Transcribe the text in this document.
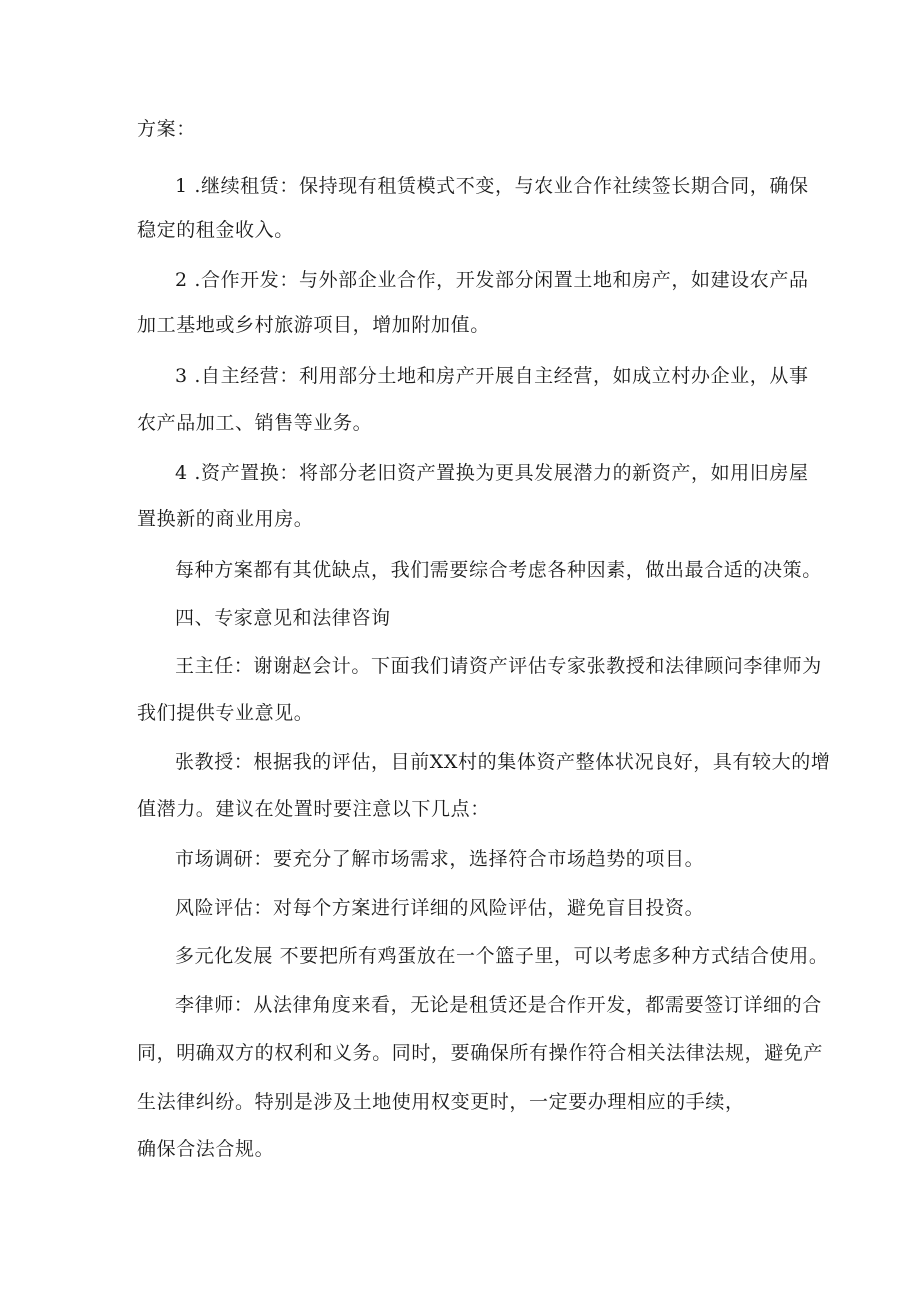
方案：
1 .继续租赁：保持现有租赁模式不变，与农业合作社续签长期合同，确保
稳定的租金收入。
2 .合作开发：与外部企业合作，开发部分闲置土地和房产，如建设农产品
加工基地或乡村旅游项目，增加附加值。
3 .自主经营：利用部分土地和房产开展自主经营，如成立村办企业，从事
农产品加工、销售等业务。
4 .资产置换：将部分老旧资产置换为更具发展潜力的新资产，如用旧房屋
置换新的商业用房。
每种方案都有其优缺点，我们需要综合考虑各种因素，做出最合适的决策。
四、专家意见和法律咨询
王主任：谢谢赵会计。下面我们请资产评估专家张教授和法律顾问李律师为
我们提供专业意见。
张教授：根据我的评估，目前XX村的集体资产整体状况良好，具有较大的增
值潜力。建议在处置时要注意以下几点：
市场调研：要充分了解市场需求，选择符合市场趋势的项目。
风险评估：对每个方案进行详细的风险评估，避免盲目投资。
多元化发展 不要把所有鸡蛋放在一个篮子里，可以考虑多种方式结合使用。
李律师：从法律角度来看，无论是租赁还是合作开发，都需要签订详细的合
同，明确双方的权利和义务。同时，要确保所有操作符合相关法律法规，避免产
生法律纠纷。特别是涉及土地使用权变更时，一定要办理相应的手续，
确保合法合规。
